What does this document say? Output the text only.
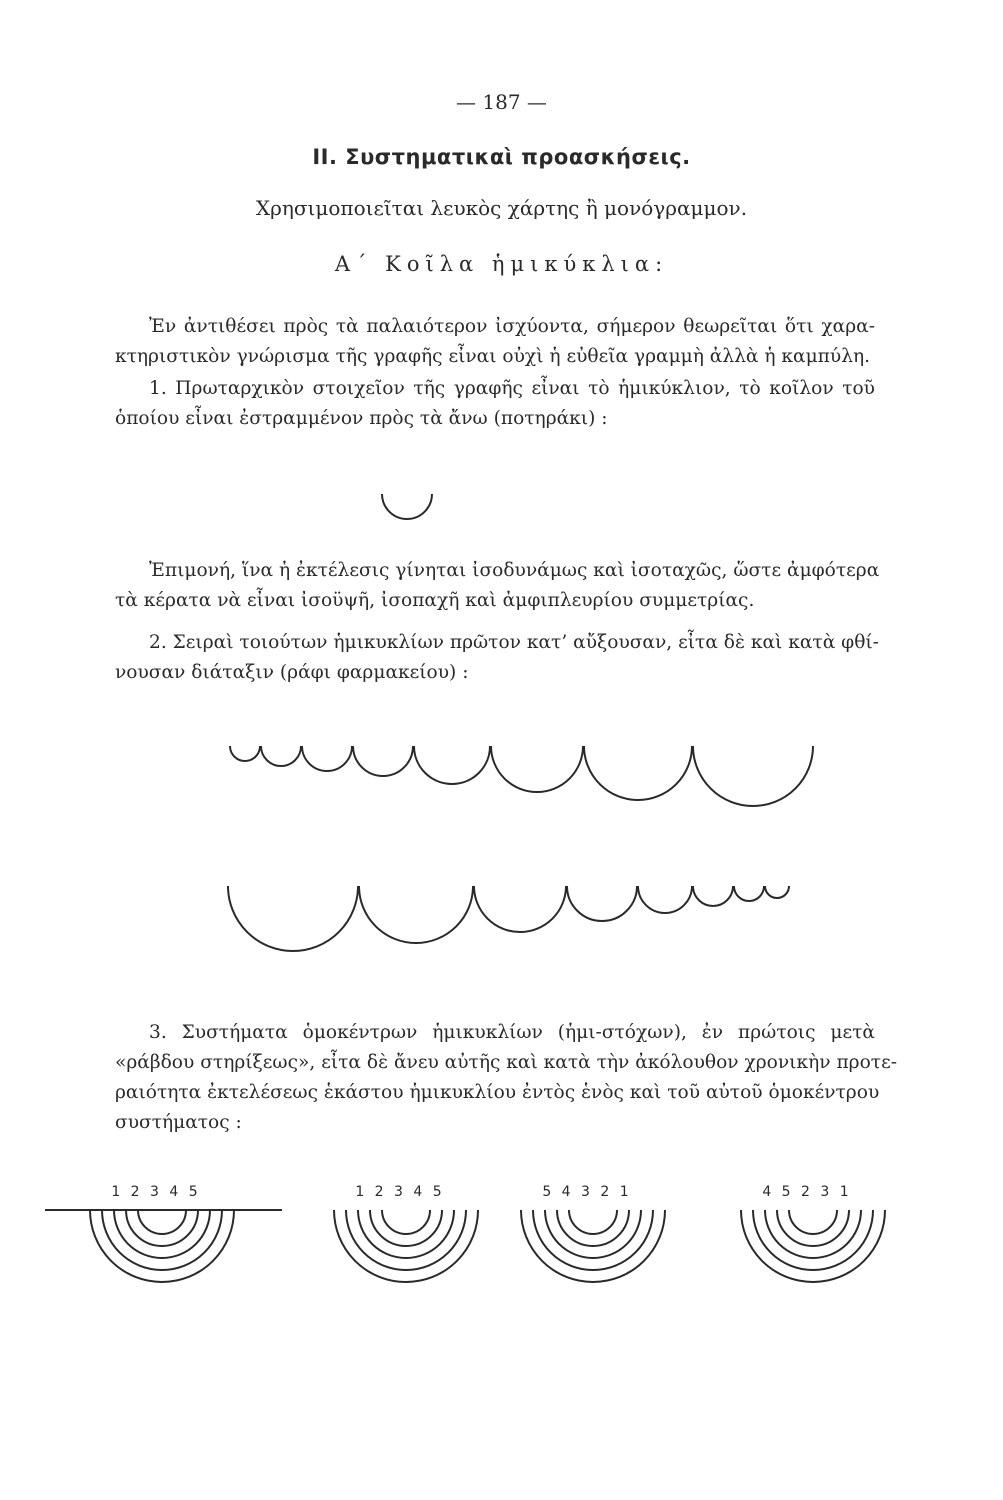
— 187 —
ΙΙ. Συστηματικαὶ προασκήσεις.
Χρησιμοποιεῖται λευκὸς χάρτης ἢ μονόγραμμον.
Α΄ Κοῖλα ἡμικύκλια:
Ἐν ἀντιθέσει πρὸς τὰ παλαιότερον ἰσχύοντα, σήμερον θεωρεῖται ὅτι χαρα-
κτηριστικὸν γνώρισμα τῆς γραφῆς εἶναι οὐχὶ ἡ εὐθεῖα γραμμὴ ἀλλὰ ἡ καμπύλη.
1. Πρωταρχικὸν στοιχεῖον τῆς γραφῆς εἶναι τὸ ἡμικύκλιον, τὸ κοῖλον τοῦ
ὁποίου εἶναι ἐστραμμένον πρὸς τὰ ἄνω (ποτηράκι) :
Ἐπιμονή, ἵνα ἡ ἐκτέλεσις γίνηται ἰσοδυνάμως καὶ ἰσοταχῶς, ὥστε ἀμφότερα
τὰ κέρατα νὰ εἶναι ἰσοϋψῆ, ἰσοπαχῆ καὶ ἀμφιπλευρίου συμμετρίας.
2. Σειραὶ τοιούτων ἡμικυκλίων πρῶτον κατ’ αὔξουσαν, εἶτα δὲ καὶ κατὰ φθί-
νουσαν διάταξιν (ράφι φαρμακείου) :
3. Συστήματα ὁμοκέντρων ἡμικυκλίων (ἡμι-στόχων), ἐν πρώτοις μετὰ
«ράβδου στηρίξεως», εἶτα δὲ ἄνευ αὐτῆς καὶ κατὰ τὴν ἀκόλουθον χρονικὴν προτε-
ραιότητα ἐκτελέσεως ἑκάστου ἡμικυκλίου ἐντὸς ἑνὸς καὶ τοῦ αὐτοῦ ὁμοκέντρου
συστήματος :
1 2 3 4 5	1 2 3 4 5	5 4 3 2 1	4 5 2 3 1
